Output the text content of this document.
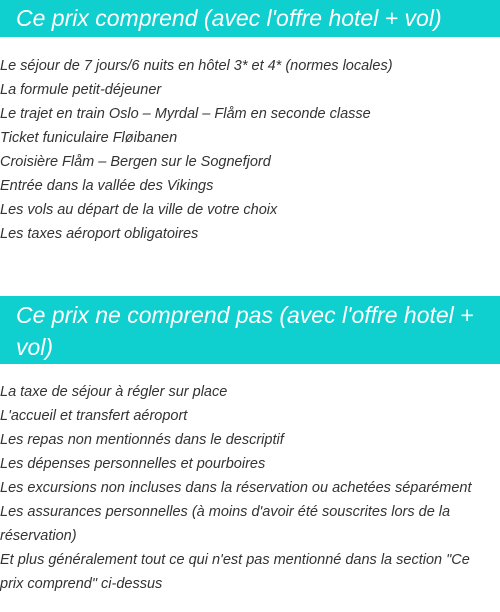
Ce prix comprend (avec l'offre hotel + vol)
Le séjour de 7 jours/6 nuits en hôtel 3* et 4* (normes locales)
La formule petit-déjeuner
Le trajet en train Oslo – Myrdal – Flåm en seconde classe
Ticket funiculaire Fløibanen
Croisière Flåm – Bergen sur le Sognefjord
Entrée dans la vallée des Vikings
Les vols au départ de la ville de votre choix
Les taxes aéroport obligatoires
Ce prix ne comprend pas (avec l'offre hotel + vol)
La taxe de séjour à régler sur place
L'accueil et transfert aéroport
Les repas non mentionnés dans le descriptif
Les dépenses personnelles et pourboires
Les excursions non incluses dans la réservation ou achetées séparément
Les assurances personnelles (à moins d'avoir été souscrites lors de la réservation)
Et plus généralement tout ce qui n'est pas mentionné dans la section "Ce prix comprend" ci-dessus
